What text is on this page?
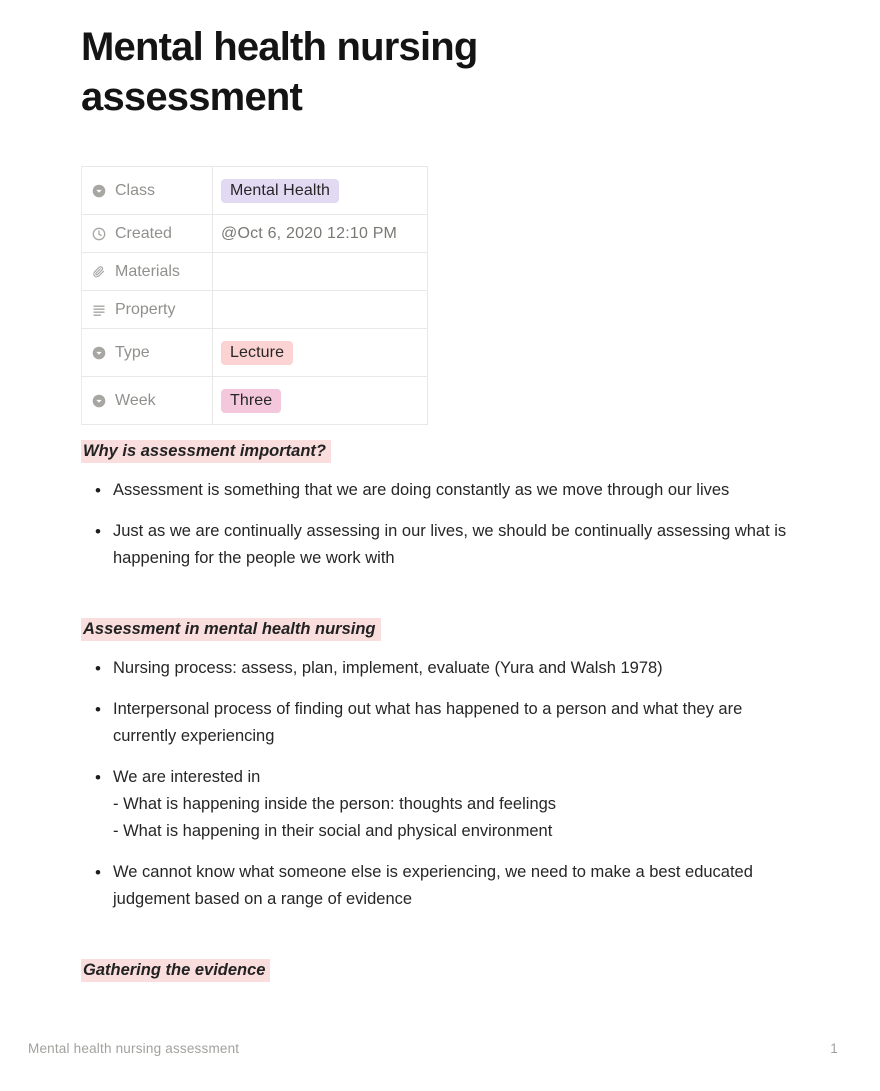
Mental health nursing assessment
Class	Mental Health
Created	@Oct 6, 2020 12:10 PM
Materials
Property
Type	Lecture
Week	Three
Why is assessment important?
• Assessment is something that we are doing constantly as we move through our lives
• Just as we are continually assessing in our lives, we should be continually assessing what is happening for the people we work with
Assessment in mental health nursing
• Nursing process: assess, plan, implement, evaluate (Yura and Walsh 1978)
• Interpersonal process of finding out what has happened to a person and what they are currently experiencing
• We are interested in
- What is happening inside the person: thoughts and feelings
- What is happening in their social and physical environment
• We cannot know what someone else is experiencing, we need to make a best educated judgement based on a range of evidence
Gathering the evidence
Mental health nursing assessment	1
